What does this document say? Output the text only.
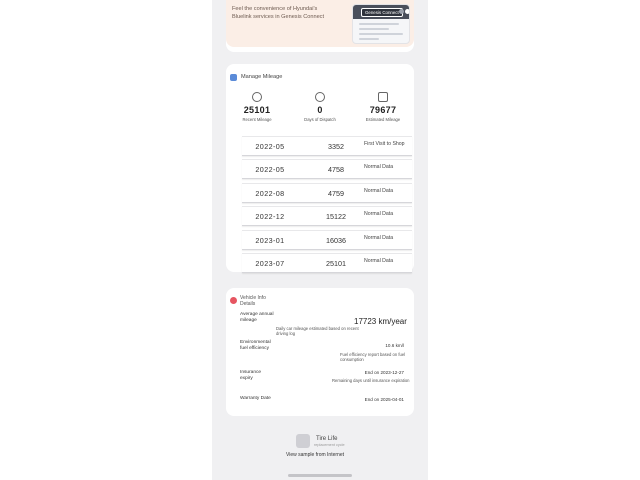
Feel the convenience of Hyundai's
Bluelink services in Genesis Connect
Genesis Connect
Manage Mileage
25101
Recent Mileage
0
Days of Dispatch
79677
Estimated Mileage
2022-05	3352	First Visit to Shop
2022-05	4758	Normal Data
2022-08	4759	Normal Data
2022-12	15122	Normal Data
2023-01	16036	Normal Data
2023-07	25101	Normal Data
Vehicle Info
Details
Average annual
mileage	17723 km/year
Daily car mileage estimated based on recent
driving log
Environmental
fuel efficiency
10.6 km/l
Fuel efficiency report based on fuel
consumption
Insurance
expiry
End on 2023-12-27
Remaining days until insurance expiration
Warranty Date	End on 2025-04-01
Tire Life
replacement cycle
View sample from Internet
